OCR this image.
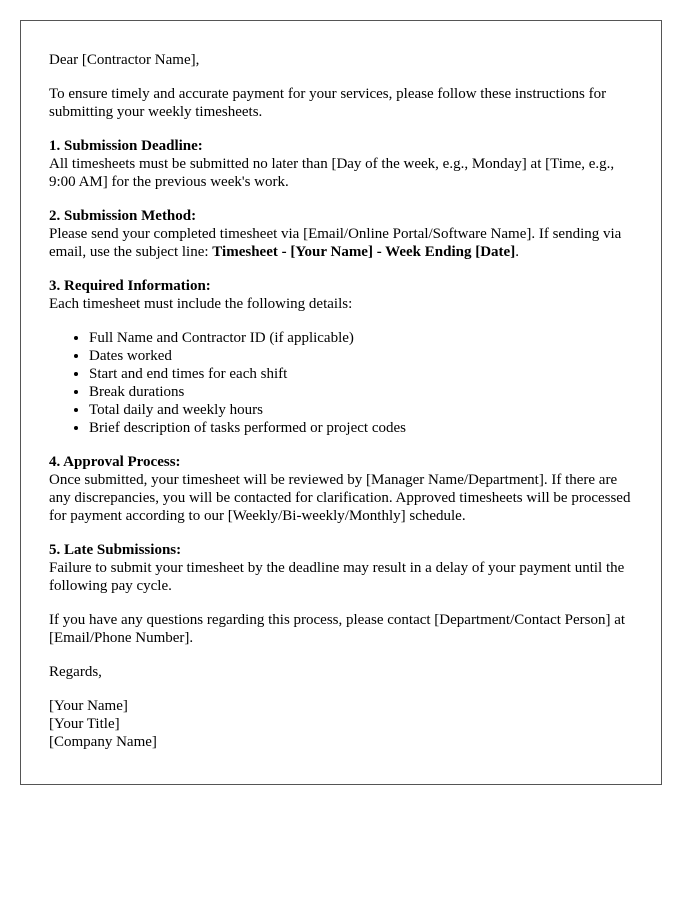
Dear [Contractor Name],

To ensure timely and accurate payment for your services, please follow these instructions for submitting your weekly timesheets.

1. Submission Deadline:
All timesheets must be submitted no later than [Day of the week, e.g., Monday] at [Time, e.g., 9:00 AM] for the previous week's work.
2. Submission Method:
Please send your completed timesheet via [Email/Online Portal/Software Name]. If sending via email, use the subject line: Timesheet - [Your Name] - Week Ending [Date].
3. Required Information:
Each timesheet must include the following details:
• Full Name and Contractor ID (if applicable)
• Dates worked
• Start and end times for each shift
• Break durations
• Total daily and weekly hours
• Brief description of tasks performed or project codes
4. Approval Process:
Once submitted, your timesheet will be reviewed by [Manager Name/Department]. If there are any discrepancies, you will be contacted for clarification. Approved timesheets will be processed for payment according to our [Weekly/Bi-weekly/Monthly] schedule.
5. Late Submissions:
Failure to submit your timesheet by the deadline may result in a delay of your payment until the following pay cycle.

If you have any questions regarding this process, please contact [Department/Contact Person] at [Email/Phone Number].

Regards,

[Your Name]
[Your Title]
[Company Name]
